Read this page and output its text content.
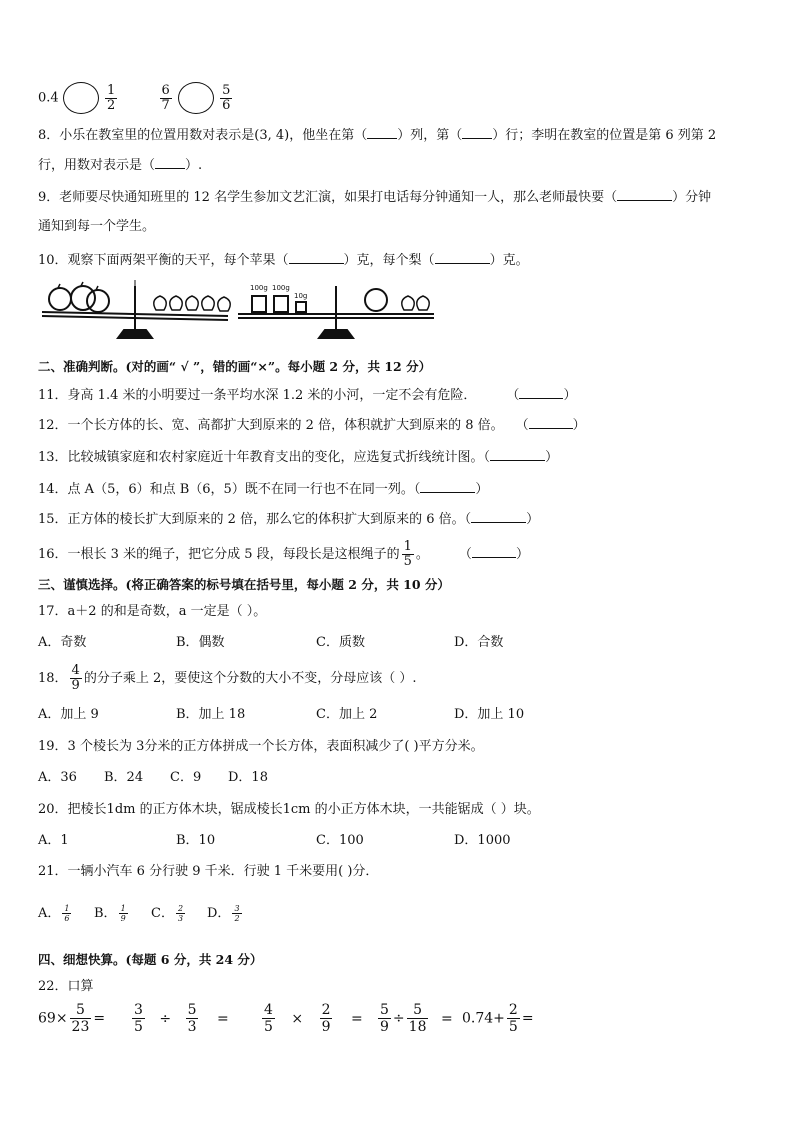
0.4	$\frac{1}{2}$
	$\frac{6}{7}$
	$\frac{5}{6}$
8．小乐在教室里的位置用数对表示是(3, 4)，他坐在第（ ）列，第（ ）行；李明在教室的位置是第 6 列第 2
行，用数对表示是（ ）.
9．老师要尽快通知班里的 12 名学生参加文艺汇演，如果打电话每分钟通知一人，那么老师最快要（	）分钟
通知到每一个学生。
10．观察下面两架平衡的天平，每个苹果（	）克，每个梨（	）克。
100g 100g
10g
二、准确判断。(对的画“ √ ”，错的画“×”。每小题 2 分，共 12 分）
11．身高 1.4 米的小明要过一条平均水深 1.2 米的小河，一定不会有危险． （	）
12．一个长方体的长、宽、高都扩大到原来的 2 倍，体积就扩大到原来的 8 倍。 （	）
13．比较城镇家庭和农村家庭近十年教育支出的变化，应选复式折线统计图。（	）
14．点 A（5，6）和点 B（6，5）既不在同一行也不在同一列。（	）
15．正方体的棱长扩大到原来的 2 倍，那么它的体积扩大到原来的 6 倍。（	）
16．一根长 3 米的绳子，把它分成 5 段，每段长是这根绳子的 $\frac{1}{5}$ 。 （	）
三、谨慎选择。(将正确答案的标号填在括号里，每小题 2 分，共 10 分）
17．a＋2 的和是奇数，a 一定是（ ）。
A．奇数	B．偶数	C．质数	D．合数
18． $\frac{4}{9}$ 的分子乘上 2，要使这个分数的大小不变，分母应该（ ）.
A．加上 9	B．加上 18	C．加上 2	D．加上 10
19．3 个棱长为 3分米的正方体拼成一个长方体，表面积减少了( )平方分米。
A．36 B．24 C．9 D．18
20．把棱长1dm 的正方体木块，锯成棱长1cm 的小正方体木块，一共能锯成（ ）块。
A．1	B．10	C．100	D．1000
21．一辆小汽车 6 分行驶 9 千米．行驶 1 千米要用( )分．
A． $\frac{1}{6}$ B． $\frac{1}{9}$ C． $\frac{2}{3}$ D． $\frac{3}{2}$
四、细想快算。(每题 6 分，共 24 分）
22．口算
$69\times \frac{5}{23} = \frac{3}{5} \div \frac{5}{3} = \frac{4}{5} \times \frac{2}{9} = \frac{5}{9} \div \frac{5}{18} = 0.74+ \frac{2}{5}$ =
